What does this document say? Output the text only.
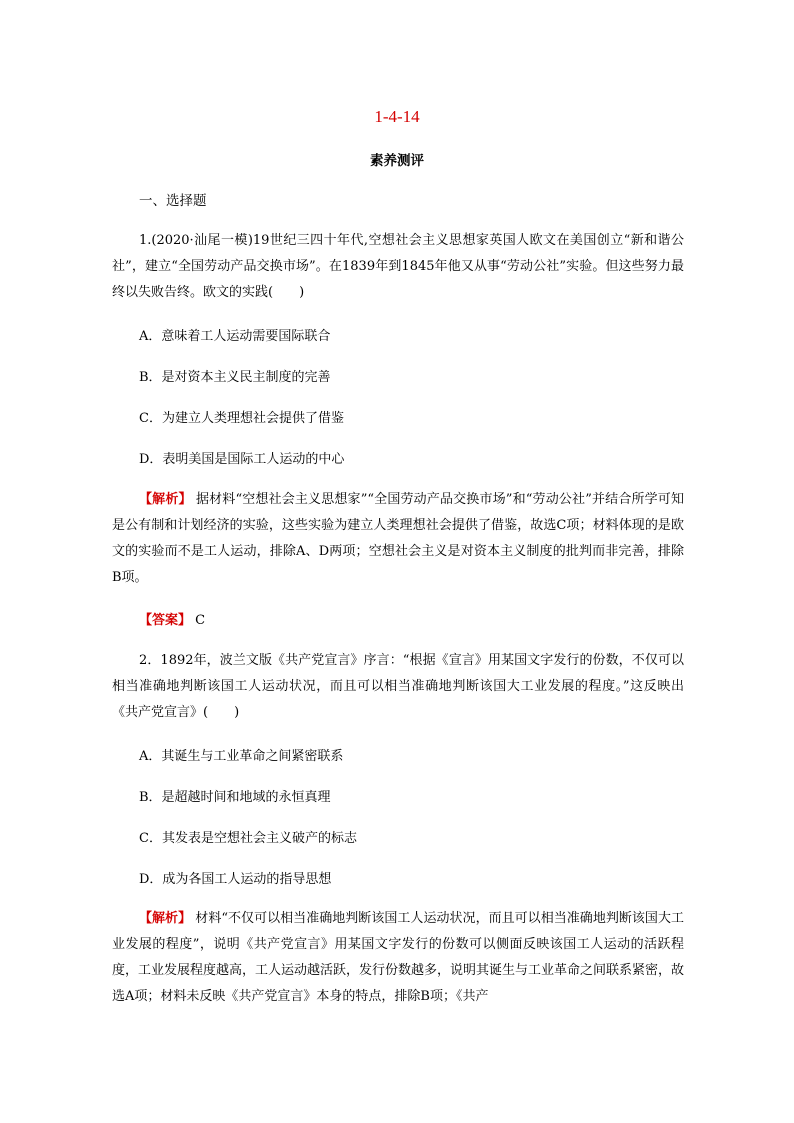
1-4-14
素养测评
一、选择题
1.(2020·汕尾一模)19世纪三四十年代,空想社会主义思想家英国人欧文在美国创立“新和谐公社”，建立“全国劳动产品交换市场”。在1839年到1845年他又从事“劳动公社”实验。但这些努力最终以失败告终。欧文的实践(　　)
A．意味着工人运动需要国际联合
B．是对资本主义民主制度的完善
C．为建立人类理想社会提供了借鉴
D．表明美国是国际工人运动的中心
【解析】 据材料“空想社会主义思想家”“全国劳动产品交换市场”和“劳动公社”并结合所学可知是公有制和计划经济的实验，这些实验为建立人类理想社会提供了借鉴，故选C项；材料体现的是欧文的实验而不是工人运动，排除A、D两项；空想社会主义是对资本主义制度的批判而非完善，排除B项。
【答案】 C
2．1892年，波兰文版《共产党宣言》序言：“根据《宣言》用某国文字发行的份数，不仅可以相当准确地判断该国工人运动状况，而且可以相当准确地判断该国大工业发展的程度。”这反映出《共产党宣言》(　　)
A．其诞生与工业革命之间紧密联系
B．是超越时间和地域的永恒真理
C．其发表是空想社会主义破产的标志
D．成为各国工人运动的指导思想
【解析】 材料“不仅可以相当准确地判断该国工人运动状况，而且可以相当准确地判断该国大工业发展的程度”，说明《共产党宣言》用某国文字发行的份数可以侧面反映该国工人运动的活跃程度，工业发展程度越高，工人运动越活跃，发行份数越多，说明其诞生与工业革命之间联系紧密，故选A项；材料未反映《共产党宣言》本身的特点，排除B项；《共产
